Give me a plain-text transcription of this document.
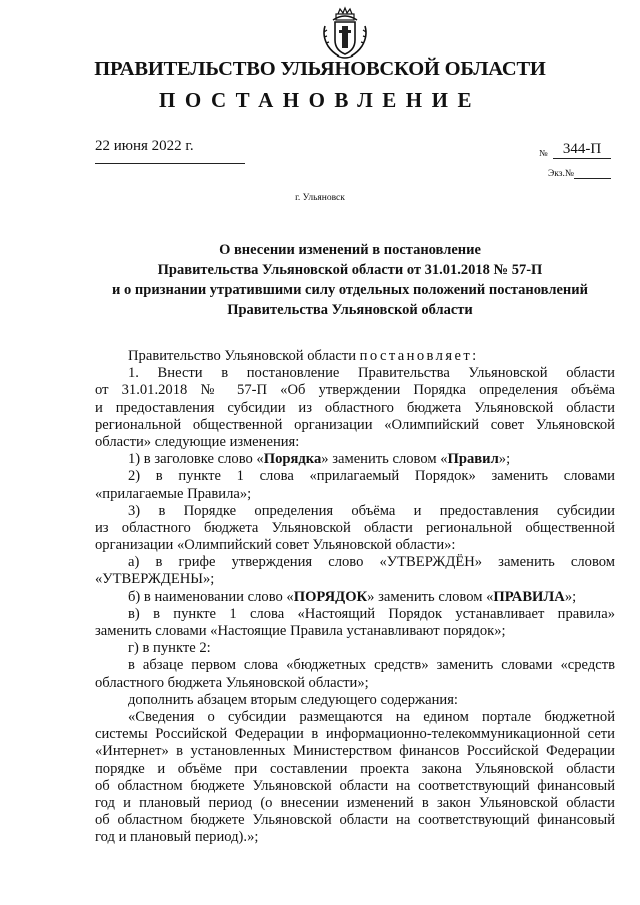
ПРАВИТЕЛЬСТВО УЛЬЯНОВСКОЙ ОБЛАСТИ
ПОСТАНОВЛЕНИЕ
22 июня 2022 г.	№	344-П
Экз.№
г. Ульяновск
О внесении изменений в постановление
Правительства Ульяновской области от 31.01.2018 № 57-П
и о признании утратившими силу отдельных положений постановлений
Правительства Ульяновской области
Правительство Ульяновской области постановляет:
1. Внести в постановление Правительства Ульяновской области
от 31.01.2018 № 57-П «Об утверждении Порядка определения объёма
и предоставления субсидии из областного бюджета Ульяновской области
региональной общественной организации «Олимпийский совет Ульяновской
области» следующие изменения:
1) в заголовке слово «Порядка» заменить словом «Правил»;
2) в пункте 1 слова «прилагаемый Порядок» заменить словами
«прилагаемые Правила»;
3) в Порядке определения объёма и предоставления субсидии
из областного бюджета Ульяновской области региональной общественной
организации «Олимпийский совет Ульяновской области»:
а) в грифе утверждения слово «УТВЕРЖДЁН» заменить словом
«УТВЕРЖДЕНЫ»;
б) в наименовании слово «ПОРЯДОК» заменить словом «ПРАВИЛА»;
в) в пункте 1 слова «Настоящий Порядок устанавливает правила»
заменить словами «Настоящие Правила устанавливают порядок»;
г) в пункте 2:
в абзаце первом слова «бюджетных средств» заменить словами «средств
областного бюджета Ульяновской области»;
дополнить абзацем вторым следующего содержания:
«Сведения о субсидии размещаются на едином портале бюджетной
системы Российской Федерации в информационно-телекоммуникационной сети
«Интернет» в установленных Министерством финансов Российской Федерации
порядке и объёме при составлении проекта закона Ульяновской области
об областном бюджете Ульяновской области на соответствующий финансовый
год и плановый период (о внесении изменений в закон Ульяновской области
об областном бюджете Ульяновской области на соответствующий финансовый
год и плановый период).»;
